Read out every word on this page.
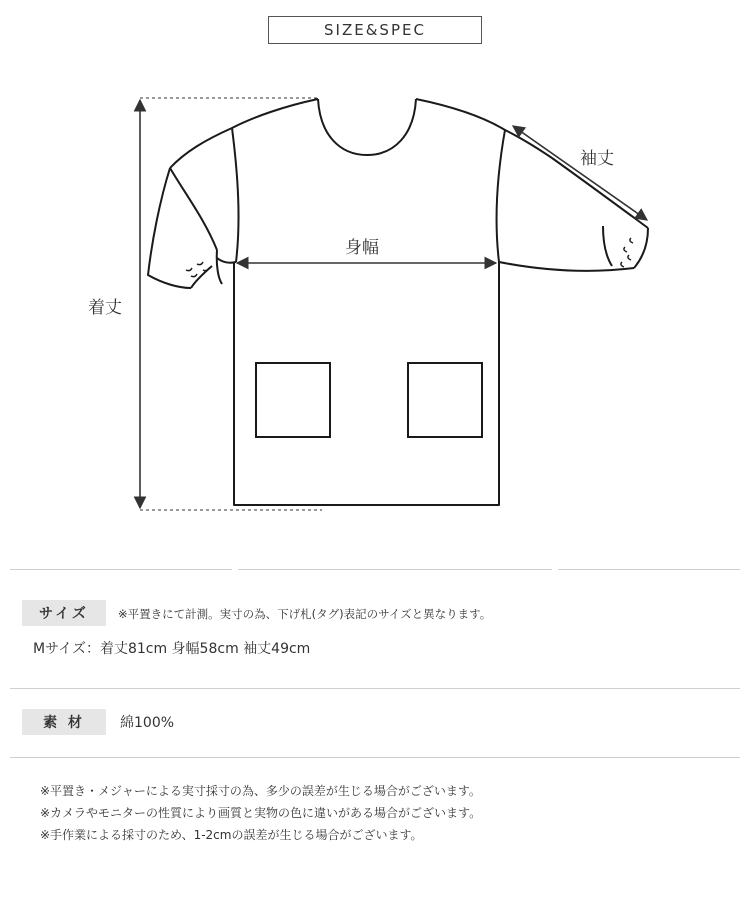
SIZE&SPEC
着丈
身幅
袖丈
サイズ	※平置きにて計測。実寸の為、下げ札(タグ)表記のサイズと異なります。
Mサイズ：着丈81cm 身幅58cm 袖丈49cm
素 材	綿100%
※平置き・メジャーによる実寸採寸の為、多少の誤差が生じる場合がございます。
※カメラやモニターの性質により画質と実物の色に違いがある場合がございます。
※手作業による採寸のため、1-2cmの誤差が生じる場合がございます。
